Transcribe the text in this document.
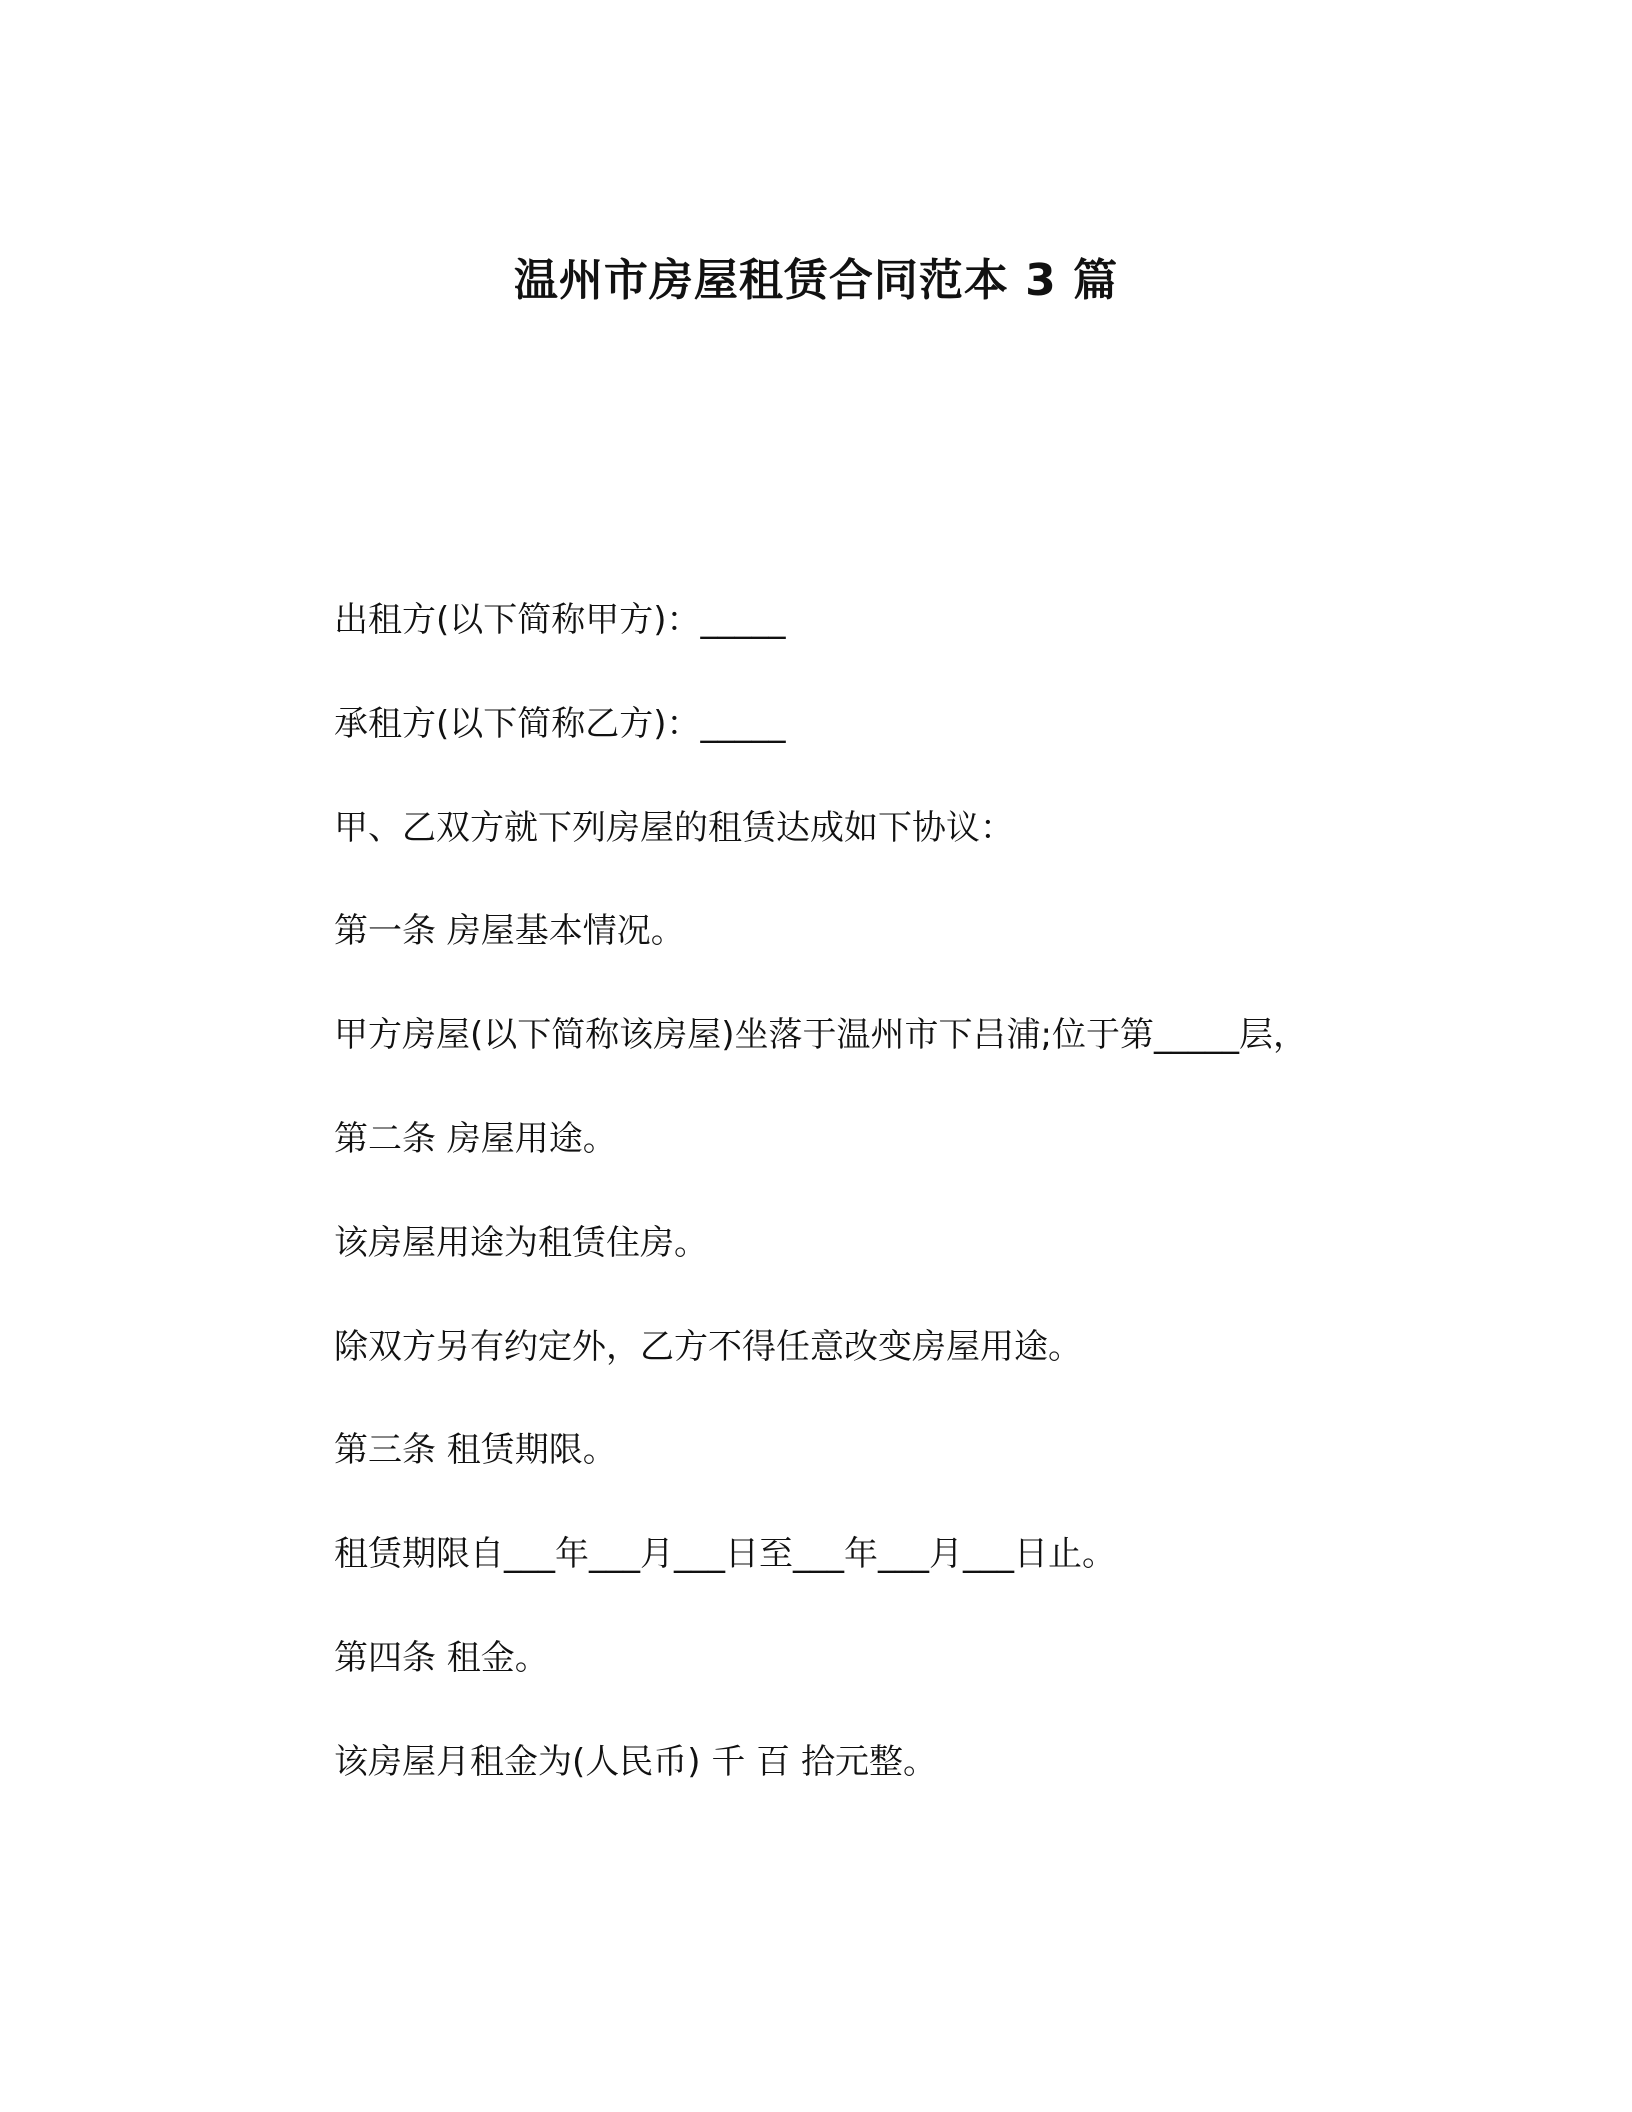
温州市房屋租赁合同范本 3 篇

出租方(以下简称甲方)：_____

承租方(以下简称乙方)：_____

甲、乙双方就下列房屋的租赁达成如下协议：

第一条 房屋基本情况。

甲方房屋(以下简称该房屋)坐落于温州市下吕浦;位于第_____层，

第二条 房屋用途。

该房屋用途为租赁住房。

除双方另有约定外，乙方不得任意改变房屋用途。

第三条 租赁期限。

租赁期限自___年___月___日至___年___月___日止。

第四条 租金。

该房屋月租金为(人民币) 千 百 拾元整。
